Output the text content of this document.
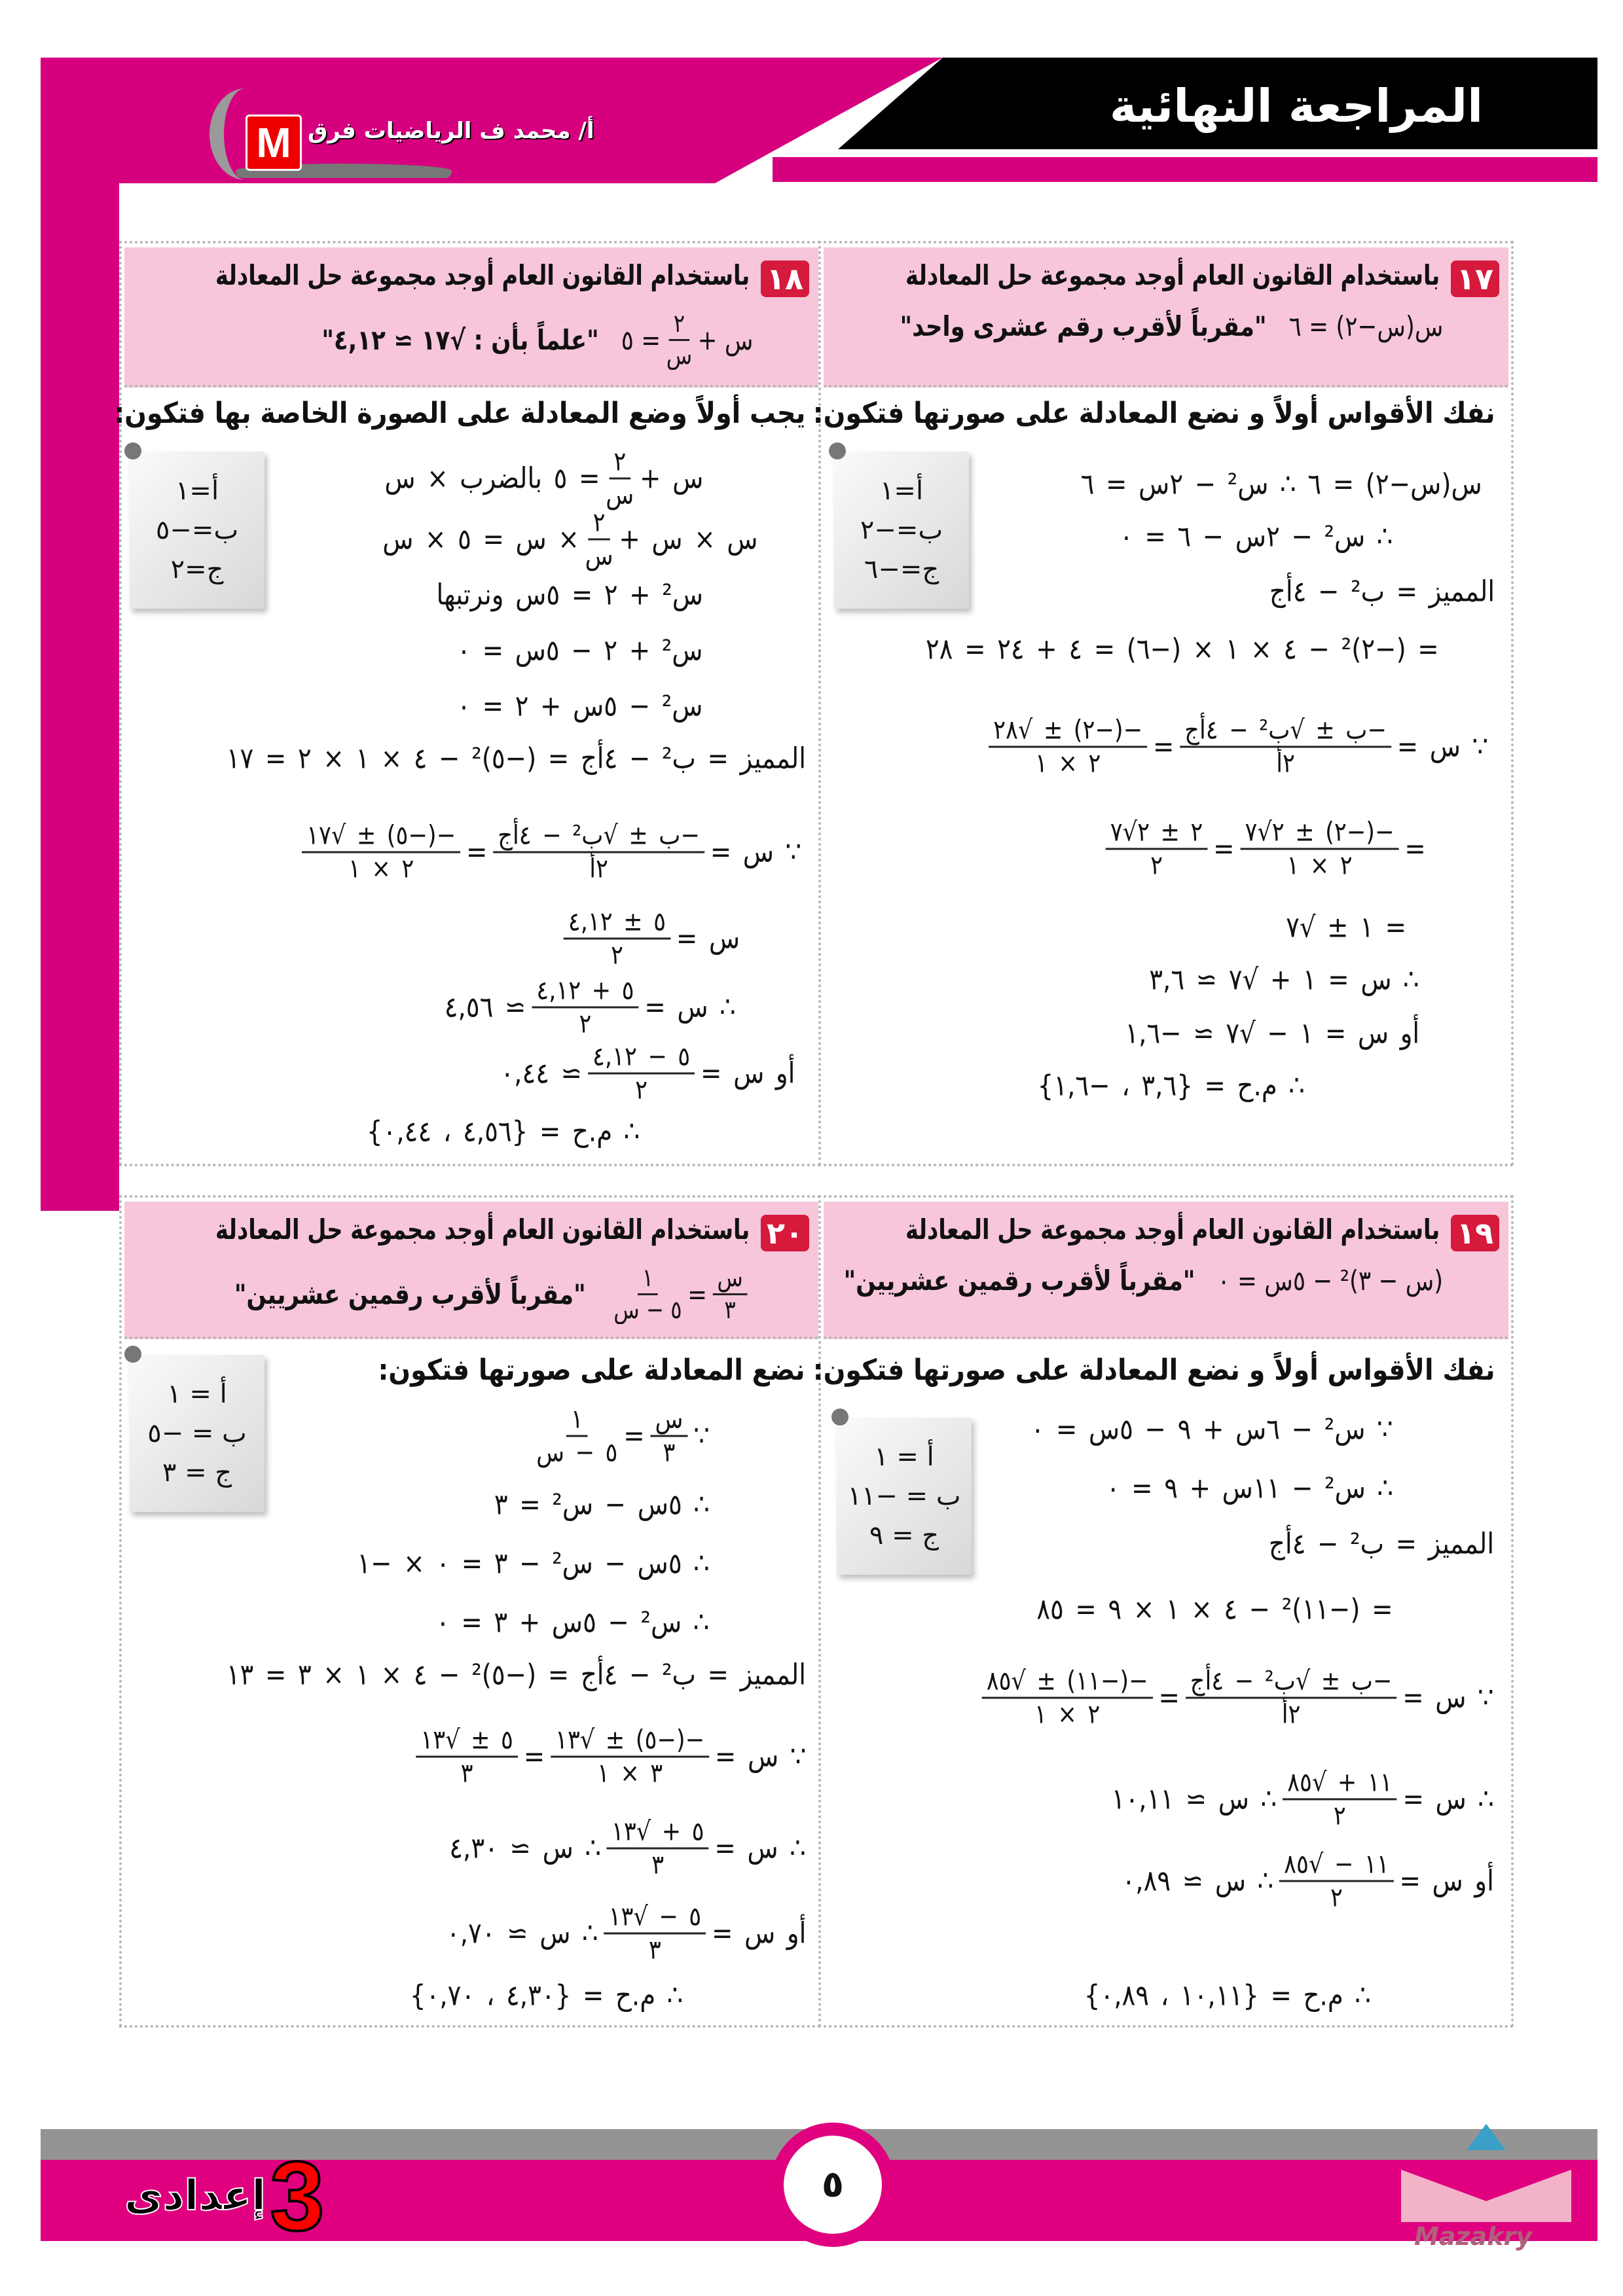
المراجعة النهائية
M أ/ محمد ف الرياضيات فرق
١٧
باستخدام القانون العام أوجد مجموعة حل المعادلة
س(س−٢) = ٦
"مقرباً لأقرب رقم عشرى واحد"
نفك الأقواس أولاً و نضع المعادلة على صورتها فتكون:
أ=١
ب=−٢
ج=−٦
س(س−٢) = ٦ ∴ س² − ٢س = ٦
∴ س² − ٢س − ٦ = ٠
المميز = ب² − ٤أج
= (−٢)² − ٤ × ١ × (−٦) = ٤ + ٢٤ = ٢٨
∵ س =
$\frac{\text{−ب ± √ب² − ٤أج}}{\text{٢أ}}$
=
$\frac{-(-٢) \pm √٢٨}{٢ \times ١}$
=
$\frac{-(-٢) \pm ٢√٧}{٢ \times ١}$
=
$\frac{٢ \pm ٢√٧}{٢}$
= ١ ± √٧
∴ س = ١ + √٧ ≃ ٣,٦
أو س = ١ − √٧ ≃ −١,٦
∴ م.ح = {٣,٦ ، −١,٦}
١٨
باستخدام القانون العام أوجد مجموعة حل المعادلة
س +
$\frac{٢}{\text{س}}$
= ٥
"علماً بأن : √١٧ ≃ ٤,١٢"
يجب أولاً وضع المعادلة على الصورة الخاصة بها فتكون:
أ=١
ب=−٥
ج=٢
س +
$\frac{٢}{\text{س}}$
= ٥ بالضرب × س
س × س +
$\frac{٢}{\text{س}}$
× س = ٥ × س
س² + ٢ = ٥س ونرتبها
س² + ٢ − ٥س = ٠
س² − ٥س + ٢ = ٠
المميز = ب² − ٤أج = (−٥)² − ٤ × ١ × ٢ = ١٧
∵ س =
$\frac{\text{−ب ± √ب² − ٤أج}}{\text{٢أ}}$
=
$\frac{-(-٥) \pm √١٧}{٢ \times ١}$
س =
$\frac{٥ \pm ٤,١٢}{٢}$
∴ س =
$\frac{٥ + ٤,١٢}{٢}$
≃ ٤,٥٦
أو س =
$\frac{٥ - ٤,١٢}{٢}$
≃ ٠,٤٤
∴ م.ح = {٤,٥٦ ، ٠,٤٤}
١٩
باستخدام القانون العام أوجد مجموعة حل المعادلة
(س − ٣)² − ٥س = ٠
"مقرباً لأقرب رقمين عشريين"
نفك الأقواس أولاً و نضع المعادلة على صورتها فتكون:
أ = ١
ب = −١١
ج = ٩
∵ س² − ٦س + ٩ − ٥س = ٠
∴ س² − ١١س + ٩ = ٠
المميز = ب² − ٤أج
= (−١١)² − ٤ × ١ × ٩ = ٨٥
∵ س =
$\frac{\text{−ب ± √ب² − ٤أج}}{\text{٢أ}}$
=
$\frac{-(-١١) \pm √٨٥}{٢ \times ١}$
∴ س =
$\frac{١١ + √٨٥}{٢}$
∴ س ≃ ١٠,١١
أو س =
$\frac{١١ - √٨٥}{٢}$
∴ س ≃ ٠,٨٩
∴ م.ح = {١٠,١١ ، ٠,٨٩}
٢٠
باستخدام القانون العام أوجد مجموعة حل المعادلة
$\frac{\text{س}}{٣}$
=
$\frac{١}{\text{٥ − س}}$
"مقرباً لأقرب رقمين عشريين"
نضع المعادلة على صورتها فتكون:
أ = ١
ب = −٥
ج = ٣
∵
$\frac{\text{س}}{٣}$
=
$\frac{١}{\text{٥ − س}}$
∴ ٥س − س² = ٣
∴ ٥س − س² − ٣ = ٠ × −١
∴ س² − ٥س + ٣ = ٠
المميز = ب² − ٤أج = (−٥)² − ٤ × ١ × ٣ = ١٣
∵ س =
$\frac{-(-٥) \pm √١٣}{٣ \times ١}$
=
$\frac{٥ \pm √١٣}{٣}$
∴ س =
$\frac{٥ + √١٣}{٣}$
∴ س ≃ ٤,٣٠
أو س =
$\frac{٥ - √١٣}{٣}$
∴ س ≃ ٠,٧٠
∴ م.ح = {٤,٣٠ ، ٠,٧٠}
٥
3
إعدادى
Mazakry
